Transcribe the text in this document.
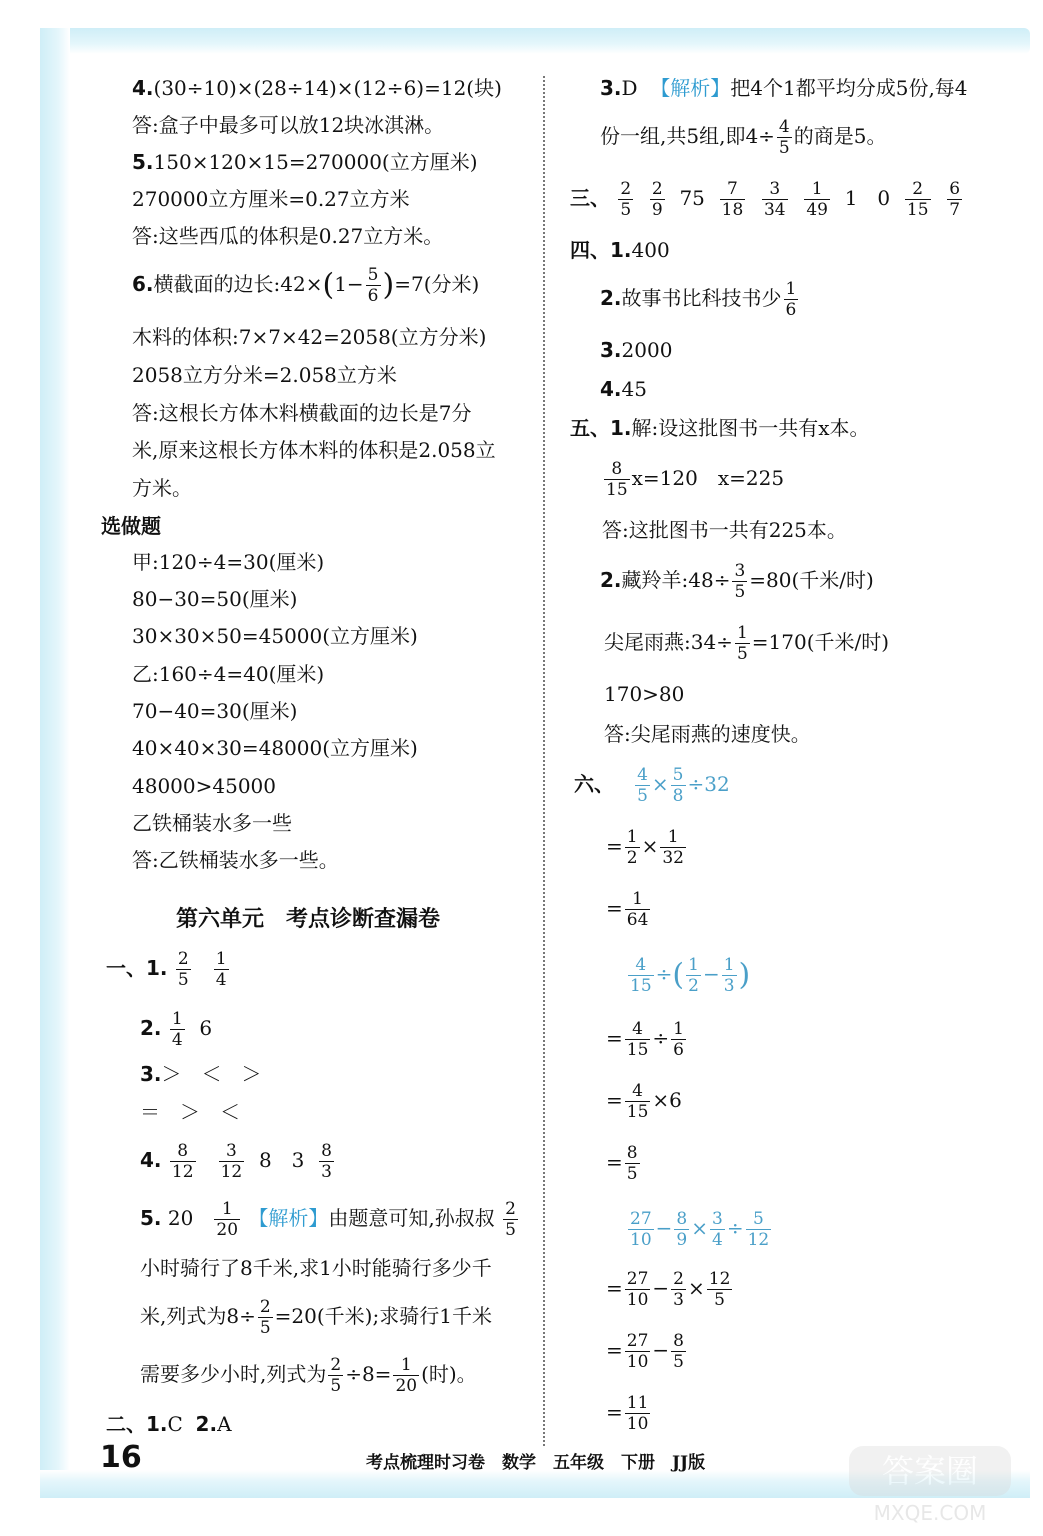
4.(30÷10)×(28÷14)×(12÷6)=12(块)
答:盒子中最多可以放12块冰淇淋。
5.150×120×15=270000(立方厘米)
270000立方厘米=0.27立方米
答:这些西瓜的体积是0.27立方米。
6.横截面的边长:42×(1− $\frac{5}{6} )=7$(分米)
木料的体积:7×7×42=2058(立方分米)
2058立方分米=2.058立方米
答:这根长方体木料横截面的边长是7分
米,原来这根长方体木料的体积是2.058立
方米。
选做题
甲:120÷4=30(厘米)
80−30=50(厘米)
30×30×50=45000(立方厘米)
乙:160÷4=40(厘米)
70−40=30(厘米)
40×40×30=48000(立方厘米)
48000>45000
乙铁桶装水多一些
答:乙铁桶装水多一些。
第六单元　考点诊断查漏卷
一、1. $\frac{2}{5}$
$\frac{1}{4}$
2. $\frac{1}{4} 6$
3.＞　＜　＞
＝　＞　＜
4. $\frac{8}{12}$
$\frac{3}{12} 8$　$3 \frac{8}{3}$
5. $20 \frac{1}{20}$ 【解析】由题意可知,孙叔叔 $\frac{2}{5}$
小时骑行了8千米,求1小时能骑行多少千
米,列式为$8\div \frac{2}{5} =20$(千米);求骑行1千米
需要多少小时,列式为 $\frac{2}{5} \div 8= \frac{1}{20}$ (时)。
二、1.C 2.A
3.D 【解析】把4个1都平均分成5份,每4
份一组,共5组,即$4\div \frac{4}{5}$ 的商是5。
三、 $\frac{2}{5}$
$\frac{2}{9} 75 \frac{7}{18}$
$\frac{3}{34}$
$\frac{1}{49} 1$　$0 \frac{2}{15}$
$\frac{6}{7}$
四、1.400
2.故事书比科技书少 $\frac{1}{6}$
3.2000
4.45
五、1.解:设这批图书一共有x本。
$\frac{8}{15} x=120$　x=225
答:这批图书一共有225本。
2.藏羚羊:48÷ $\frac{3}{5} =80$(千米/时)
尖尾雨燕:34÷ $\frac{1}{5} =170$(千米/时)
170>80
答:尖尾雨燕的速度快。
六、 $\frac{4}{5} \times \frac{5}{8} \div 32$
= $\frac{1}{2} \times \frac{1}{32}$
= $\frac{1}{64}$
$\frac{4}{15}$ ÷( $\frac{1}{2} - \frac{1}{3}$ )
= $\frac{4}{15} \div \frac{1}{6}$
= $\frac{4}{15} \times 6$
= $\frac{8}{5}$
$\frac{27}{10} - \frac{8}{9} \times \frac{3}{4} \div \frac{5}{12}$
= $\frac{27}{10} - \frac{2}{3} \times \frac{12}{5}$
= $\frac{27}{10} - \frac{8}{5}$
= $\frac{11}{10}$
16	考点梳理时习卷　数学　五年级　下册　JJ版	答案圈
MXQE.COM
